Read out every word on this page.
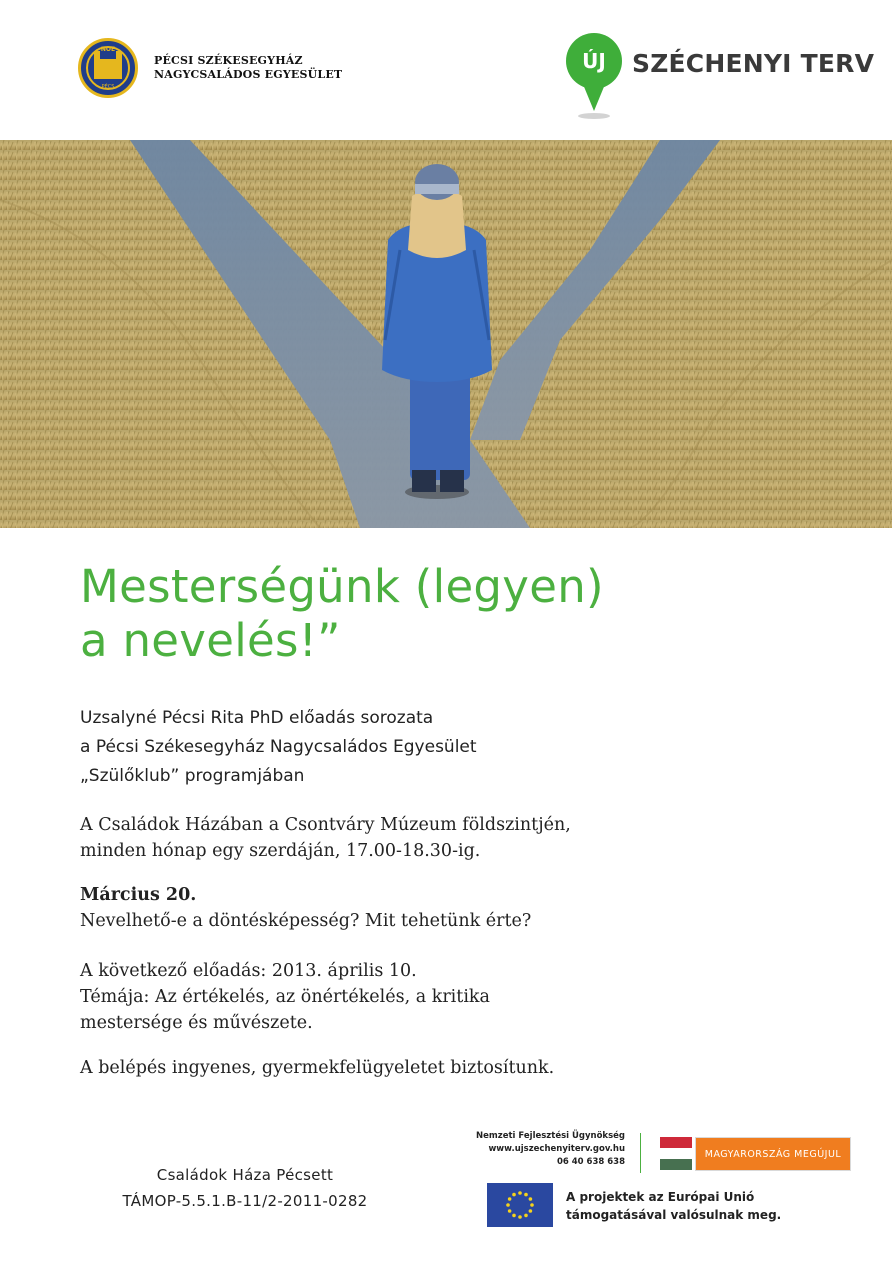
NOE
PÉCS
PÉCSI SZÉKESEGYHÁZ
NAGYCSALÁDOS EGYESÜLET
ÚJ	SZÉCHENYI TERV
Mesterségünk (legyen)
a nevelés!”
Uzsalyné Pécsi Rita PhD előadás sorozata
a Pécsi Székesegyház Nagycsaládos Egyesület
„Szülőklub” programjában
A Családok Házában a Csontváry Múzeum földszintjén,
minden hónap egy szerdáján, 17.00-18.30-ig.
Március 20.
Nevelhető-e a döntésképesség? Mit tehetünk érte?
A következő előadás: 2013. április 10.
Témája: Az értékelés, az önértékelés, a kritika
mestersége és művészete.
A belépés ingyenes, gyermekfelügyeletet biztosítunk.
Családok Háza Pécsett
TÁMOP-5.5.1.B-11/2-2011-0282
Nemzeti Fejlesztési Ügynökség
www.ujszechenyiterv.gov.hu
06 40 638 638
MAGYARORSZÁG MEGÚJUL
A projektek az Európai Unió
támogatásával valósulnak meg.
